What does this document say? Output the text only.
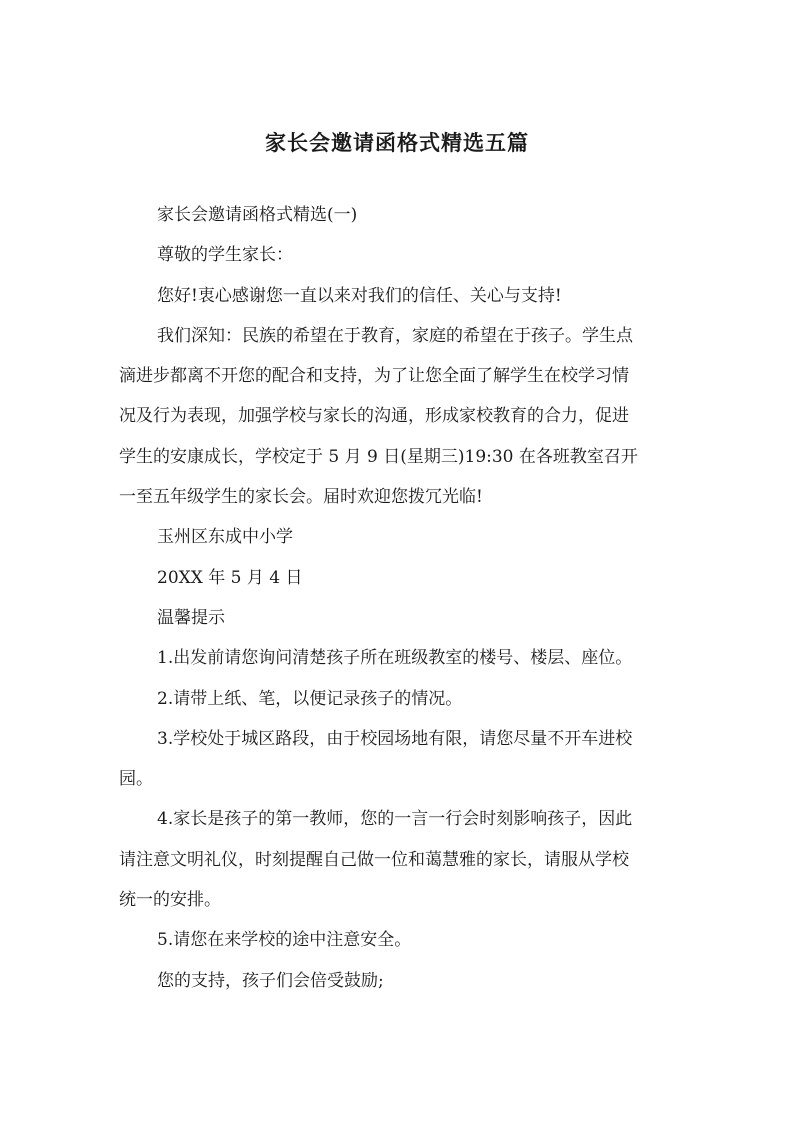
家长会邀请函格式精选五篇
家长会邀请函格式精选(一)
尊敬的学生家长：
您好!衷心感谢您一直以来对我们的信任、关心与支持!
我们深知：民族的希望在于教育，家庭的希望在于孩子。学生点
滴进步都离不开您的配合和支持，为了让您全面了解学生在校学习情
况及行为表现，加强学校与家长的沟通，形成家校教育的合力，促进
学生的安康成长，学校定于 5 月 9 日(星期三)19:30 在各班教室召开
一至五年级学生的家长会。届时欢迎您拨冗光临!
玉州区东成中小学
20XX 年 5 月 4 日
温馨提示
1.出发前请您询问清楚孩子所在班级教室的楼号、楼层、座位。
2.请带上纸、笔，以便记录孩子的情况。
3.学校处于城区路段，由于校园场地有限，请您尽量不开车进校
园。
4.家长是孩子的第一教师，您的一言一行会时刻影响孩子，因此
请注意文明礼仪，时刻提醒自己做一位和蔼慧雅的家长，请服从学校
统一的安排。
5.请您在来学校的途中注意安全。
您的支持，孩子们会倍受鼓励;
